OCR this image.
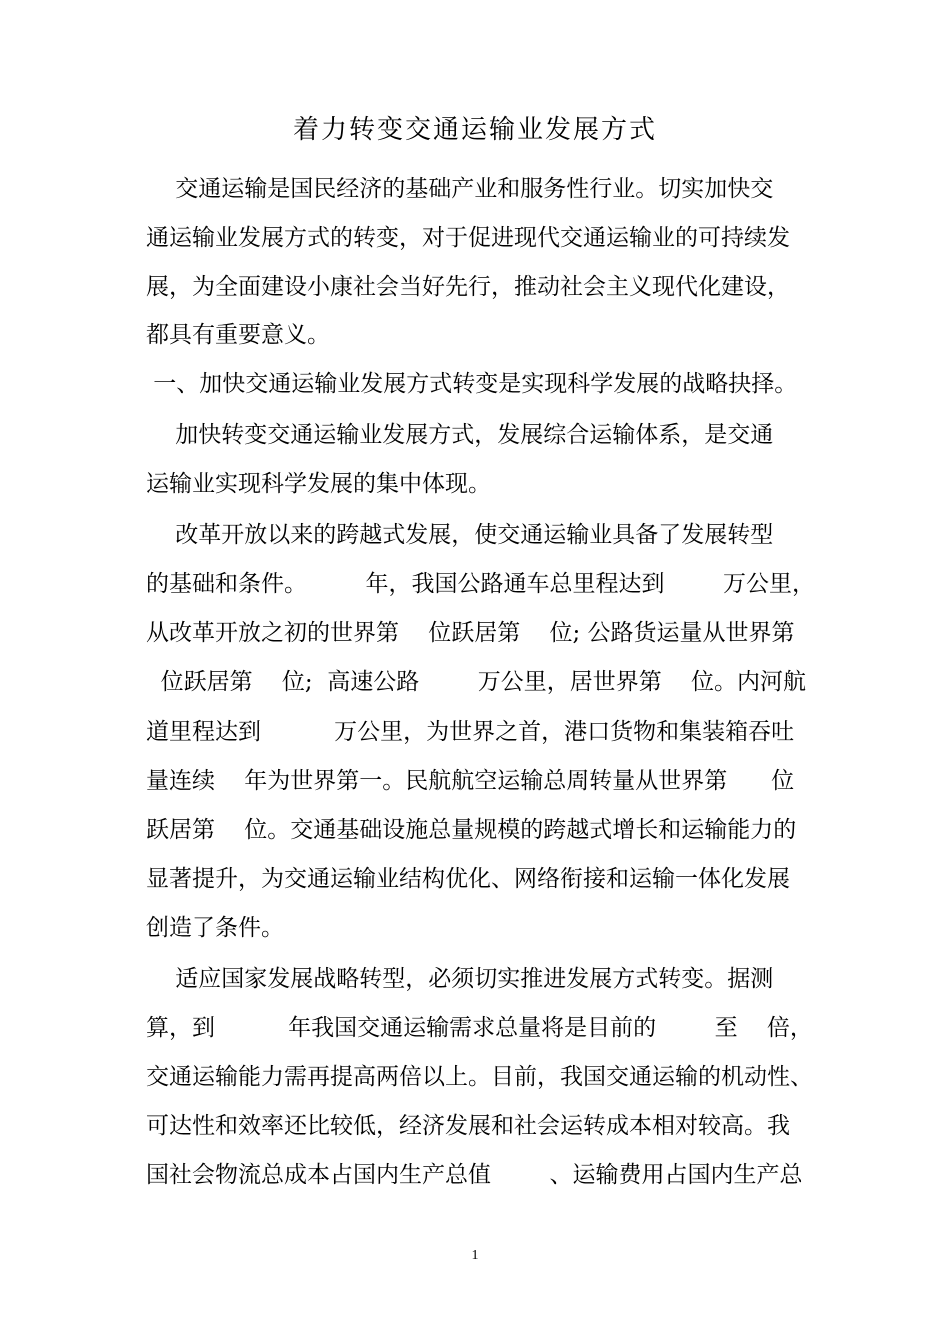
着力转变交通运输业发展方式
交通运输是国民经济的基础产业和服务性行业。切实加快交
通运输业发展方式的转变，对于促进现代交通运输业的可持续发
展，为全面建设小康社会当好先行，推动社会主义现代化建设，
都具有重要意义。
一、加快交通运输业发展方式转变是实现科学发展的战略抉择。
加快转变交通运输业发展方式，发展综合运输体系，是交通
运输业实现科学发展的集中体现。
改革开放以来的跨越式发展，使交通运输业具备了发展转型
的基础和条件。        年，我国公路通车总里程达到        万公里，
从改革开放之初的世界第    位跃居第    位; 公路货运量从世界第
位跃居第    位;  高速公路        万公里，居世界第    位。内河航
道里程达到          万公里，为世界之首，港口货物和集装箱吞吐
量连续    年为世界第一。民航航空运输总周转量从世界第      位
跃居第    位。交通基础设施总量规模的跨越式增长和运输能力的
显著提升，为交通运输业结构优化、网络衔接和运输一体化发展
创造了条件。
适应国家发展战略转型，必须切实推进发展方式转变。据测
算，到          年我国交通运输需求总量将是目前的        至    倍，
交通运输能力需再提高两倍以上。目前，我国交通运输的机动性、
可达性和效率还比较低，经济发展和社会运转成本相对较高。我
国社会物流总成本占国内生产总值        、运输费用占国内生产总
1
